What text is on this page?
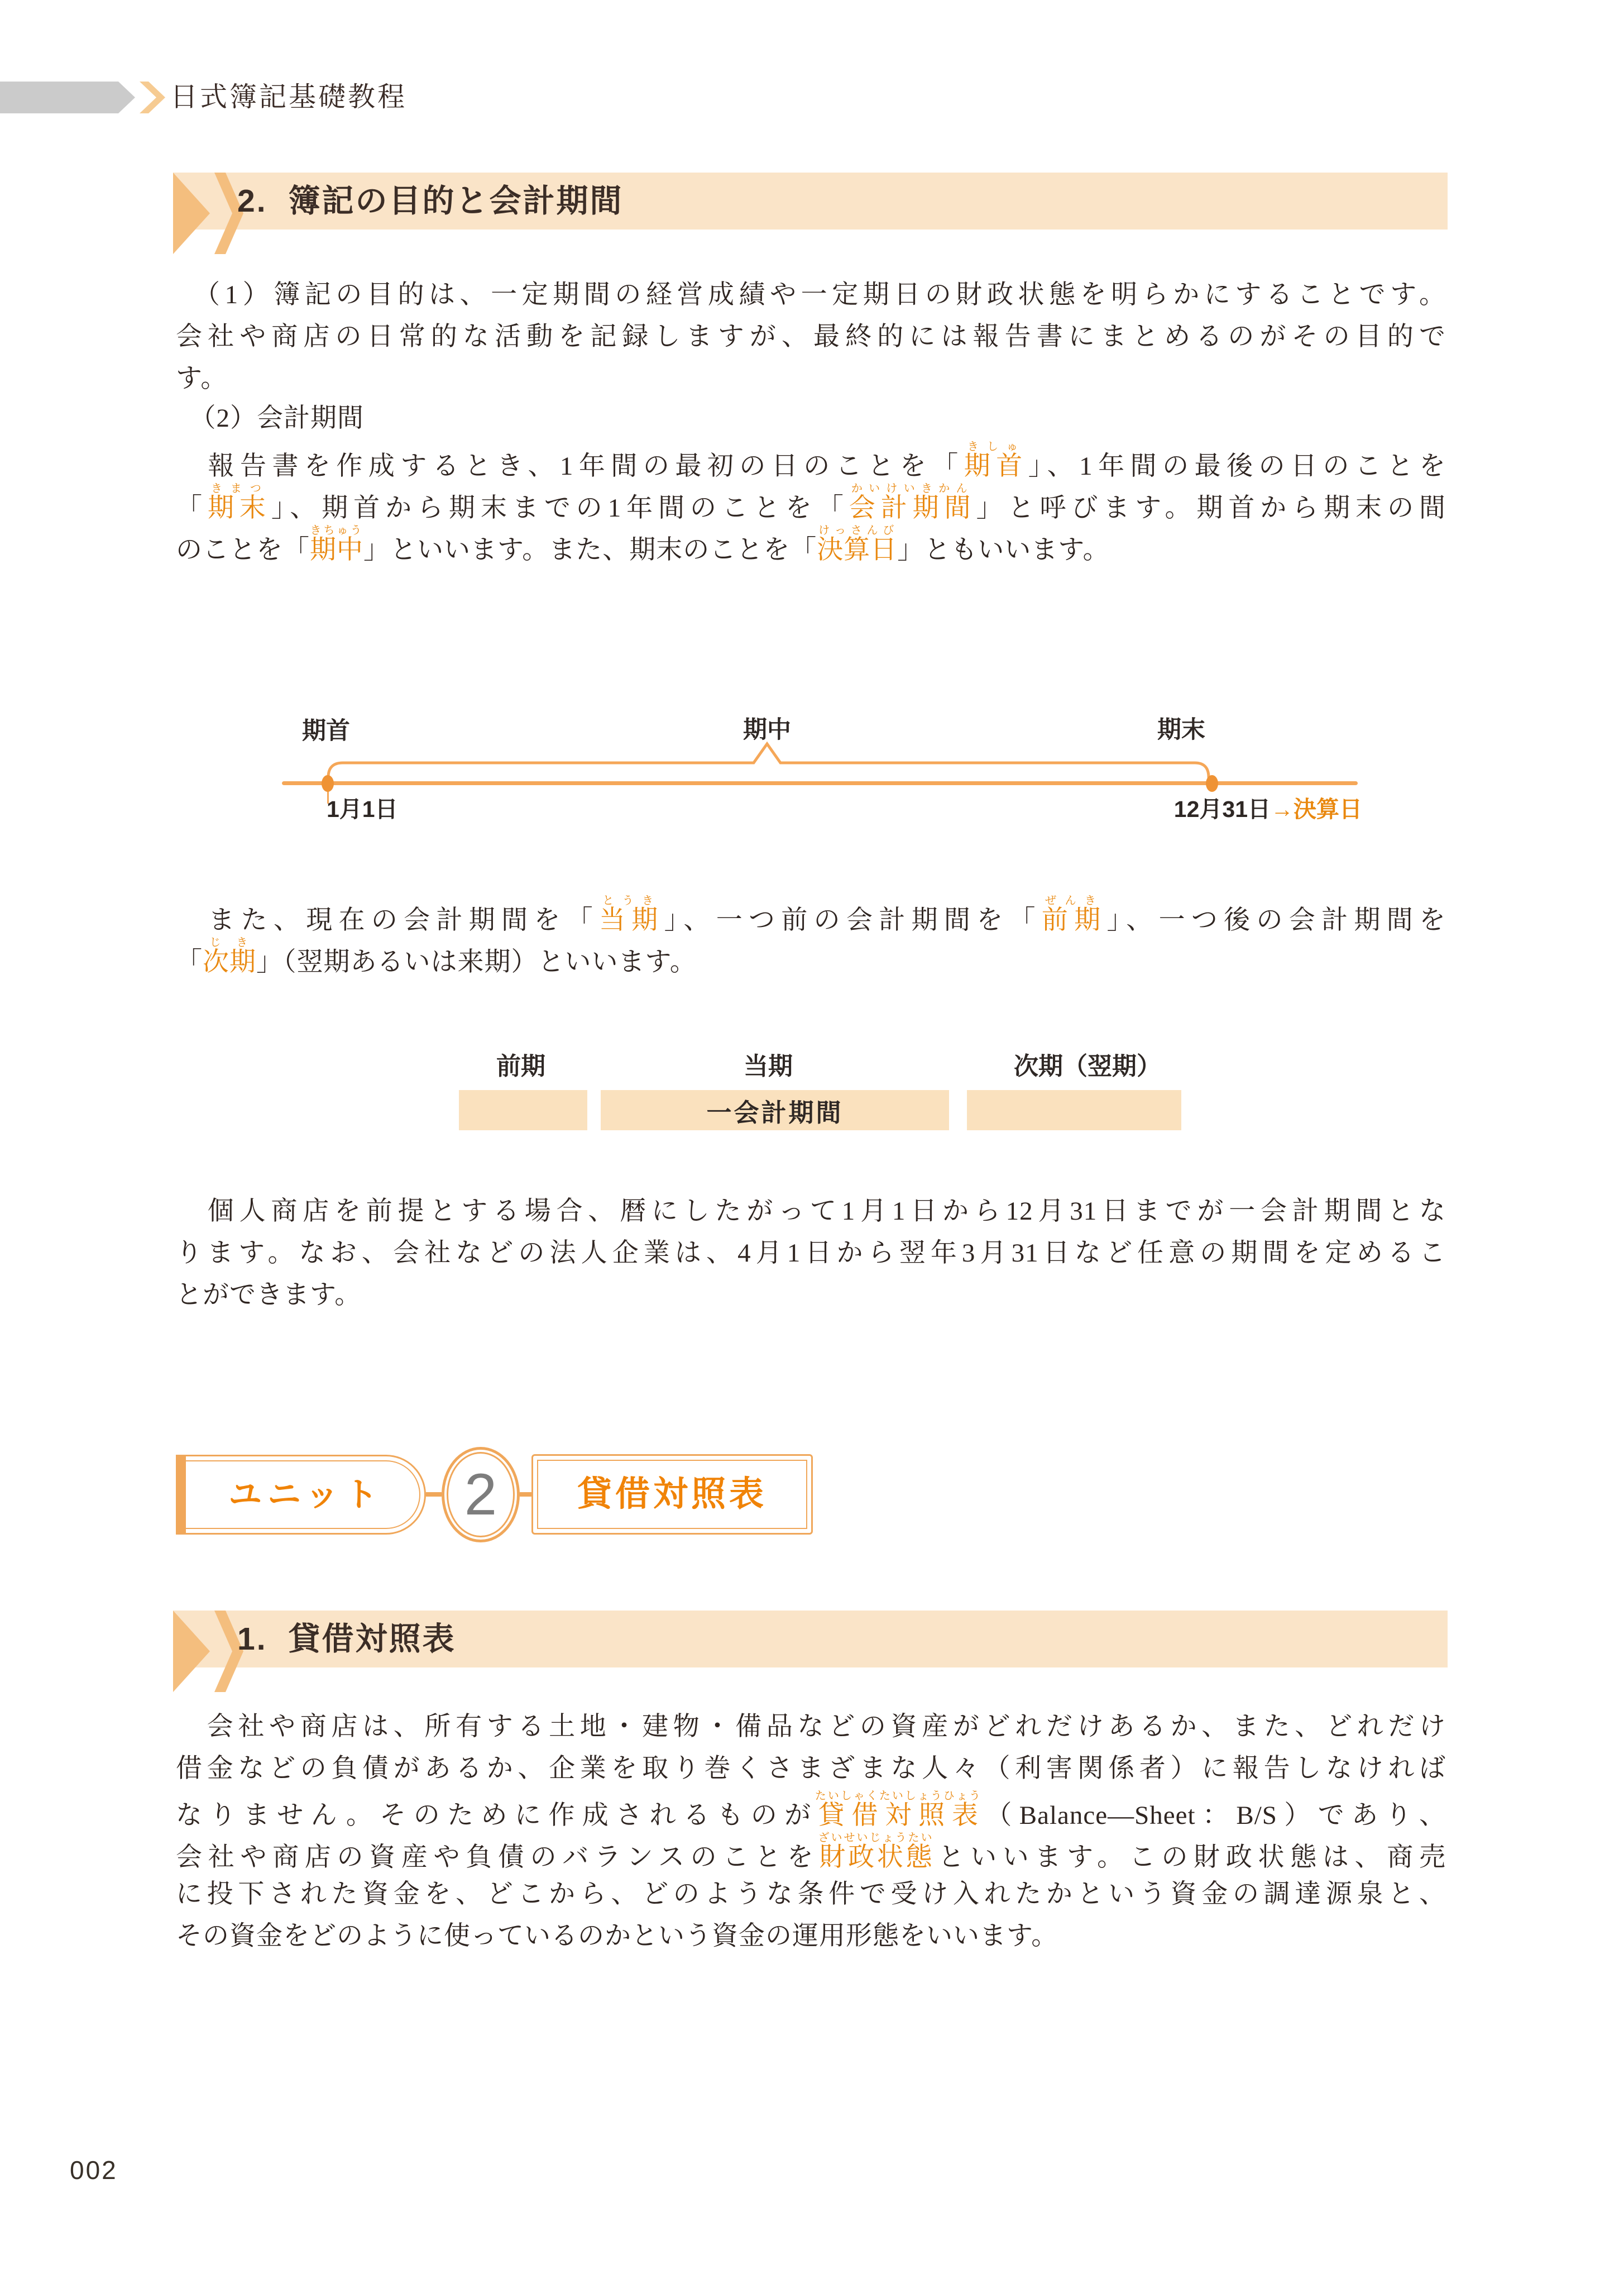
日式簿記基礎教程
2. 簿記の目的と会計期間
　（1）簿記の目的は、一定期間の経営成績や一定期日の財政状態を明らかにすることです。
会社や商店の日常的な活動を記録しますが、最終的には報告書にまとめるのがその目的で
す。
　（2）会計期間
　報告書を作成するとき、1年間の最初の日のことを「期首きしゅ」、1年間の最後の日のことを
「期末きまつ」、期首から期末までの1年間のことを「会計期間かいけいきかん」と呼びます。期首から期末の間
のことを「期中きちゅう」といいます。また、期末のことを「決算日けっさんび」ともいいます。
期首	期中	期末
1月1日	12月31日→決算日
　また、現在の会計期間を「当期とうき」、一つ前の会計期間を「前期ぜんき」、一つ後の会計期間を
「次期じき」（翌期あるいは来期）といいます。
前期	当期	次期（翌期）
一会計期間
　個人商店を前提とする場合、暦にしたがって1月1日から12月31日までが一会計期間とな
ります。なお、会社などの法人企業は、4月1日から翌年3月31日など任意の期間を定めるこ
とができます。
ユニット	2	貸借対照表
1. 貸借対照表
　会社や商店は、所有する土地・建物・備品などの資産がどれだけあるか、また、どれだけ
借金などの負債があるか、企業を取り巻くさまざまな人々（利害関係者）に報告しなければ
なりません。そのために作成されるものが貸借対照表たいしゃくたいしょうひょう（Balance—Sheet：B/S）であり、
会社や商店の資産や負債のバランスのことを財政状態ざいせいじょうたいといいます。この財政状態は、商売
に投下された資金を、どこから、どのような条件で受け入れたかという資金の調達源泉と、
その資金をどのように使っているのかという資金の運用形態をいいます。
002
